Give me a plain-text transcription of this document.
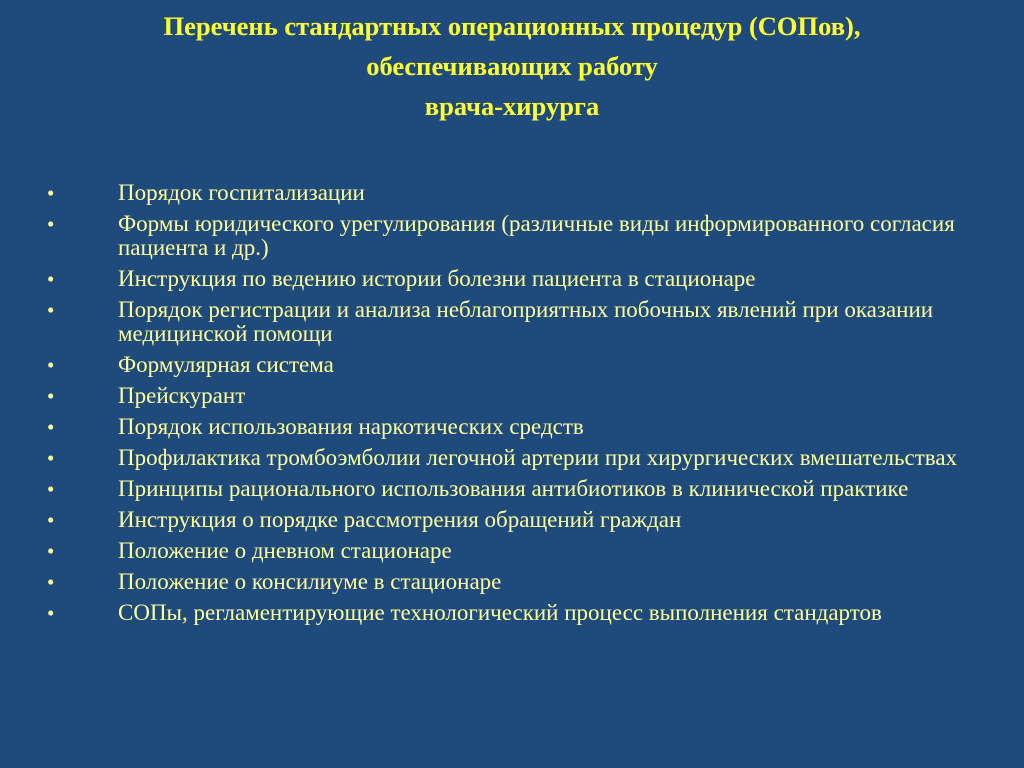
Перечень стандартных операционных процедур (СОПов),
обеспечивающих работу
врача-хирурга
•	Порядок госпитализации
•	Формы юридического урегулирования (различные виды информированного согласия пациента и др.)
•	Инструкция по ведению истории болезни пациента в стационаре
•	Порядок регистрации и анализа неблагоприятных побочных явлений при оказании медицинской помощи
•	Формулярная система
•	Прейскурант
•	Порядок использования наркотических средств
•	Профилактика тромбоэмболии легочной артерии при хирургических вмешательствах
•	Принципы рационального использования антибиотиков в клинической практике
•	Инструкция о порядке рассмотрения обращений граждан
•	Положение о дневном стационаре
•	Положение о консилиуме в стационаре
•	СОПы, регламентирующие технологический процесс выполнения стандартов
